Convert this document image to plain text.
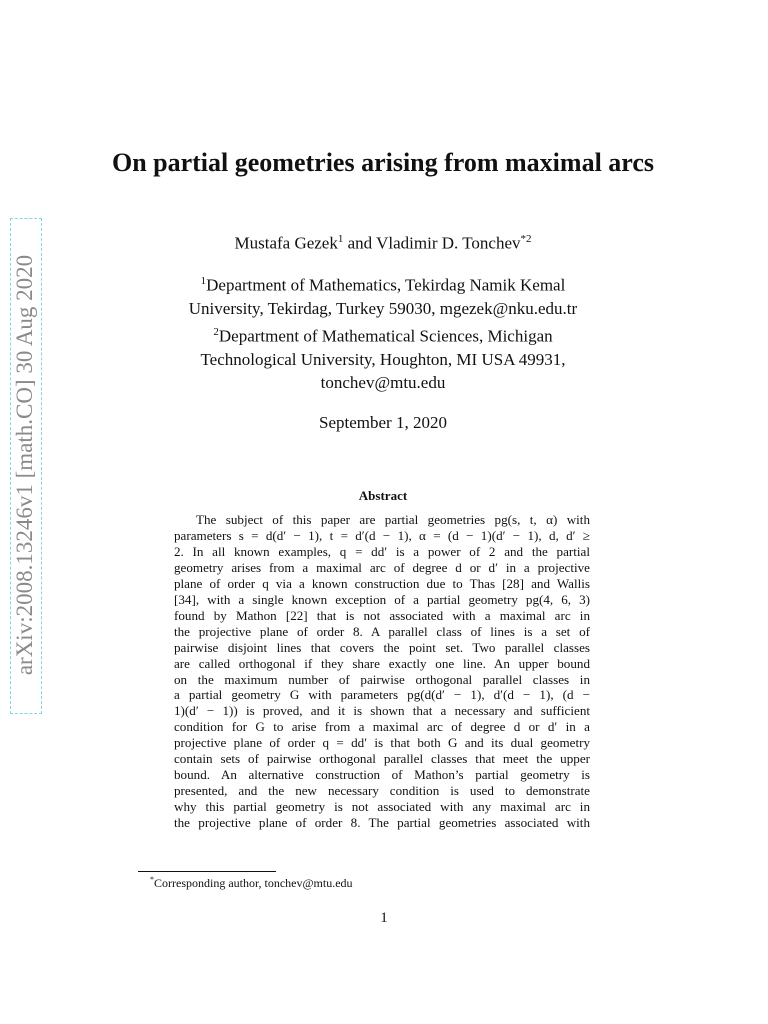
arXiv:2008.13246v1 [math.CO] 30 Aug 2020
On partial geometries arising from maximal arcs
Mustafa Gezek$^1$ and Vladimir D. Tonchev$^{*2}$
$^1$Department of Mathematics, Tekirdag Namik Kemal
University, Tekirdag, Turkey 59030, mgezek@nku.edu.tr
$^2$Department of Mathematical Sciences, Michigan
Technological University, Houghton, MI USA 49931,
tonchev@mtu.edu
September 1, 2020
Abstract
The subject of this paper are partial geometries pg(s, t, α) with
parameters s = d(d′ − 1), t = d′(d − 1), α = (d − 1)(d′ − 1), d, d′ ≥
2. In all known examples, q = dd′ is a power of 2 and the partial
geometry arises from a maximal arc of degree d or d′ in a projective
plane of order q via a known construction due to Thas [28] and Wallis
[34], with a single known exception of a partial geometry pg(4, 6, 3)
found by Mathon [22] that is not associated with a maximal arc in
the projective plane of order 8. A parallel class of lines is a set of
pairwise disjoint lines that covers the point set. Two parallel classes
are called orthogonal if they share exactly one line. An upper bound
on the maximum number of pairwise orthogonal parallel classes in
a partial geometry G with parameters pg(d(d′ − 1), d′(d − 1), (d −
1)(d′ − 1)) is proved, and it is shown that a necessary and sufficient
condition for G to arise from a maximal arc of degree d or d′ in a
projective plane of order q = dd′ is that both G and its dual geometry
contain sets of pairwise orthogonal parallel classes that meet the upper
bound. An alternative construction of Mathon’s partial geometry is
presented, and the new necessary condition is used to demonstrate
why this partial geometry is not associated with any maximal arc in
the projective plane of order 8. The partial geometries associated with
*Corresponding author, tonchev@mtu.edu
1
